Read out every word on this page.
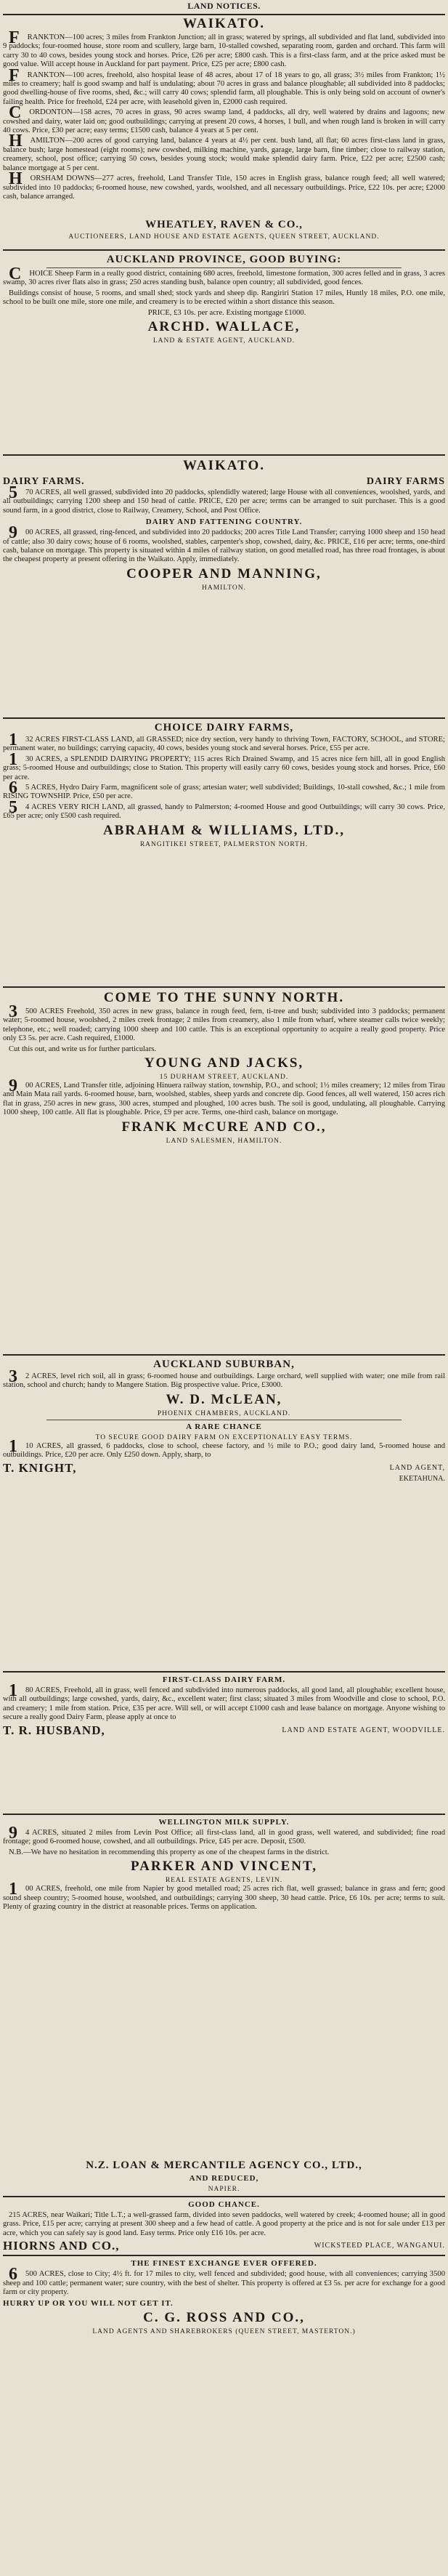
LAND NOTICES.
WAIKATO.

FRANKTON—100 acres; 3 miles from Frankton Junction; all in grass; watered by springs, all subdivided and flat land, subdivided into 9 paddocks; four-roomed house, store room and scullery, large barn, 10-stalled cowshed, separating room, garden and orchard. This farm will carry 30 to 40 cows, besides young stock and horses. Price, £26 per acre; £800 cash. This is a first-class farm, and at the price asked must be good value. Will accept house in Auckland for part payment. Price, £25 per acre; £800 cash.

FRANKTON—100 acres, freehold, also hospital lease of 48 acres, about 17 of 18 years to go, all grass; 3½ miles from Frankton; 1½ miles to creamery; half is good swamp and half is undulating; about 70 acres in grass and balance ploughable; all subdivided into 8 paddocks; good dwelling-house of five rooms, shed, &c.; will carry 40 cows; splendid farm, all ploughable. This is only being sold on account of owner's failing health. Price for freehold, £24 per acre, with leasehold given in, £2000 cash required.

CORDONTON—158 acres, 70 acres in grass, 90 acres swamp land, 4 paddocks, all dry, well watered by drains and lagoons; new cowshed and dairy, water laid on; good outbuildings; carrying at present 20 cows, 4 horses, 1 bull, and when rough land is broken in will carry 40 cows. Price, £30 per acre; easy terms; £1500 cash, balance 4 years at 5 per cent.

HAMILTON—200 acres of good carrying land, balance 4 years at 4½ per cent. bush land, all flat; 60 acres first-class land in grass, balance bush; large homestead (eight rooms); new cowshed, milking machine, yards, garage, large barn, fine timber; close to railway station, creamery, school, post office; carrying 50 cows, besides young stock; would make splendid dairy farm. Price, £22 per acre; £2500 cash; balance mortgage at 5 per cent.

HORSHAM DOWNS—277 acres, freehold, Land Transfer Title, 150 acres in English grass, balance rough feed; all well watered; subdivided into 10 paddocks; 6-roomed house, new cowshed, yards, woolshed, and all necessary outbuildings. Price, £22 10s. per acre; £2000 cash, balance arranged.

WHEATLEY, RAVEN & CO.,
AUCTIONEERS, LAND HOUSE AND ESTATE AGENTS, QUEEN STREET, AUCKLAND.
AUCKLAND PROVINCE, GOOD BUYING:

CHOICE Sheep Farm in a really good district, containing 680 acres, freehold, limestone formation, 300 acres felled and in grass, 3 acres swamp, 30 acres river flats also in grass; 250 acres standing bush, balance open country; all subdivided, good fences.

Buildings consist of house, 5 rooms, and small shed; stock yards and sheep dip. Rangiriri Station 17 miles, Huntly 18 miles, P.O. one mile, school to be built one mile, store one mile, and creamery is to be erected within a short distance this season.

PRICE, £3 10s. per acre. Existing mortgage £1000.

ARCHD. WALLACE,
LAND & ESTATE AGENT, AUCKLAND.
WAIKATO.
DAIRY FARMS.	DAIRY FARMS

570 ACRES, all well grassed, subdivided into 20 paddocks, splendidly watered; large House with all conveniences, woolshed, yards, and all outbuildings; carrying 1200 sheep and 150 head of cattle. PRICE, £20 per acre; terms can be arranged to suit purchaser. This is a good sound farm, in a good district, close to Railway, Creamery, School, and Post Office.

DAIRY AND FATTENING COUNTRY.

900 ACRES, all grassed, ring-fenced, and subdivided into 20 paddocks; 200 acres Title Land Transfer; carrying 1000 sheep and 150 head of cattle; also 30 dairy cows; house of 6 rooms, woolshed, stables, carpenter's shop, cowshed, dairy, &c. PRICE, £16 per acre; terms, one-third cash, balance on mortgage. This property is situated within 4 miles of railway station, on good metalled road, has three road frontages, is about the cheapest property at present offering in the Waikato. Apply, immediately.

COOPER AND MANNING,
HAMILTON.
CHOICE DAIRY FARMS,

132 ACRES FIRST-CLASS LAND, all GRASSED; nice dry section, very handy to thriving Town, FACTORY, SCHOOL, and STORE; permanent water, no buildings; carrying capacity, 40 cows, besides young stock and several horses. Price, £55 per acre.

130 ACRES, a SPLENDID DAIRYING PROPERTY; 115 acres Rich Drained Swamp, and 15 acres nice fern hill, all in good English grass; 5-roomed House and outbuildings; close to Station. This property will easily carry 60 cows, besides young stock and horses. Price, £60 per acre.

65 ACRES, Hydro Dairy Farm, magnificent sole of grass; artesian water; well subdivided; Buildings, 10-stall cowshed, &c.; 1 mile from RISING TOWNSHIP. Price, £50 per acre.

54 ACRES VERY RICH LAND, all grassed, handy to Palmerston; 4-roomed House and good Outbuildings; will carry 30 cows. Price, £65 per acre; only £500 cash required.

ABRAHAM & WILLIAMS, LTD.,
RANGITIKEI STREET, PALMERSTON NORTH.
COME TO THE SUNNY NORTH.

3500 ACRES Freehold, 350 acres in new grass, balance in rough feed, fern, ti-tree and bush; subdivided into 3 paddocks; permanent water; 5-roomed house, woolshed, 2 miles creek frontage; 2 miles from creamery, also 1 mile from wharf, where steamer calls twice weekly; telephone, etc.; well roaded; carrying 1000 sheep and 100 cattle. This is an exceptional opportunity to acquire a really good property. Price only £3 5s. per acre. Cash required, £1000.

Cut this out, and write us for further particulars.

YOUNG AND JACKS,
15 DURHAM STREET, AUCKLAND.

900 ACRES, Land Transfer title, adjoining Hinuera railway station, township, P.O., and school; 1½ miles creamery; 12 miles from Tirau and Main Mata rail yards. 6-roomed house, barn, woolshed, stables, sheep yards and concrete dip. Good fences, all well watered, 150 acres rich flat in grass, 250 acres in new grass, 300 acres, stumped and ploughed, 100 acres bush. The soil is good, undulating, all ploughable. Carrying 1000 sheep, 100 cattle. All flat is ploughable. Price, £9 per acre. Terms, one-third cash, balance on mortgage.

FRANK McCURE AND CO.,
LAND SALESMEN, HAMILTON.
AUCKLAND SUBURBAN,

32 ACRES, level rich soil, all in grass; 6-roomed house and outbuildings. Large orchard, well supplied with water; one mile from rail station, school and church; handy to Mangere Station. Big prospective value. Price, £3000.

W. D. McLEAN,
PHOENIX CHAMBERS, AUCKLAND.
A RARE CHANCE
TO SECURE GOOD DAIRY FARM ON EXCEPTIONALLY EASY TERMS.

110 ACRES, all grassed, 6 paddocks, close to school, cheese factory, and ½ mile to P.O.; good dairy land, 5-roomed house and outbuildings. Price, £20 per acre. Only £250 down. Apply, sharp, to

T. KNIGHT,	LAND AGENT,
EKETAHUNA.
FIRST-CLASS DAIRY FARM.

180 ACRES, Freehold, all in grass, well fenced and subdivided into numerous paddocks, all good land, all ploughable; excellent house, with all outbuildings; large cowshed, yards, dairy, &c., excellent water; first class; situated 3 miles from Woodville and close to school, P.O. and creamery; 1 mile from station. Price, £35 per acre. Will sell, or will accept £1000 cash and lease balance on mortgage. Anyone wishing to secure a really good Dairy Farm, please apply at once to

T. R. HUSBAND,	LAND AND ESTATE AGENT, WOODVILLE.
WELLINGTON MILK SUPPLY.

94 ACRES, situated 2 miles from Levin Post Office; all first-class land, all in good grass, well watered, and subdivided; fine road frontage; good 6-roomed house, cowshed, and all outbuildings. Price, £45 per acre. Deposit, £500.

N.B.—We have no hesitation in recommending this property as one of the cheapest farms in the district.

PARKER AND VINCENT,
REAL ESTATE AGENTS, LEVIN.

100 ACRES, freehold, one mile from Napier by good metalled road; 25 acres rich flat, well grassed; balance in grass and fern; good sound sheep country; 5-roomed house, woolshed, and outbuildings; carrying 300 sheep, 30 head cattle. Price, £6 10s. per acre; terms to suit. Plenty of grazing country in the district at reasonable prices. Terms on application.

N.Z. LOAN & MERCANTILE AGENCY CO., LTD.,
AND REDUCED,
NAPIER.
GOOD CHANCE.

215 ACRES, near Waikari; Title L.T.; a well-grassed farm, divided into seven paddocks, well watered by creek; 4-roomed house; all in good grass. Price, £15 per acre; carrying at present 300 sheep and a few head of cattle. A good property at the price and is not for sale under £13 per acre, which you can safely say is good land. Easy terms. Price only £16 10s. per acre.

HIORNS AND CO.,	WICKSTEED PLACE, WANGANUI.
THE FINEST EXCHANGE EVER OFFERED.

6500 ACRES, close to City; 4½ ft. for 17 miles to city, well fenced and subdivided; good house, with all conveniences; carrying 3500 sheep and 100 cattle; permanent water; sure country, with the best of shelter. This property is offered at £3 5s. per acre for exchange for a good farm or city property.

HURRY UP OR YOU WILL NOT GET IT.
C. G. ROSS AND CO.,
LAND AGENTS AND SHAREBROKERS (QUEEN STREET, MASTERTON.)
